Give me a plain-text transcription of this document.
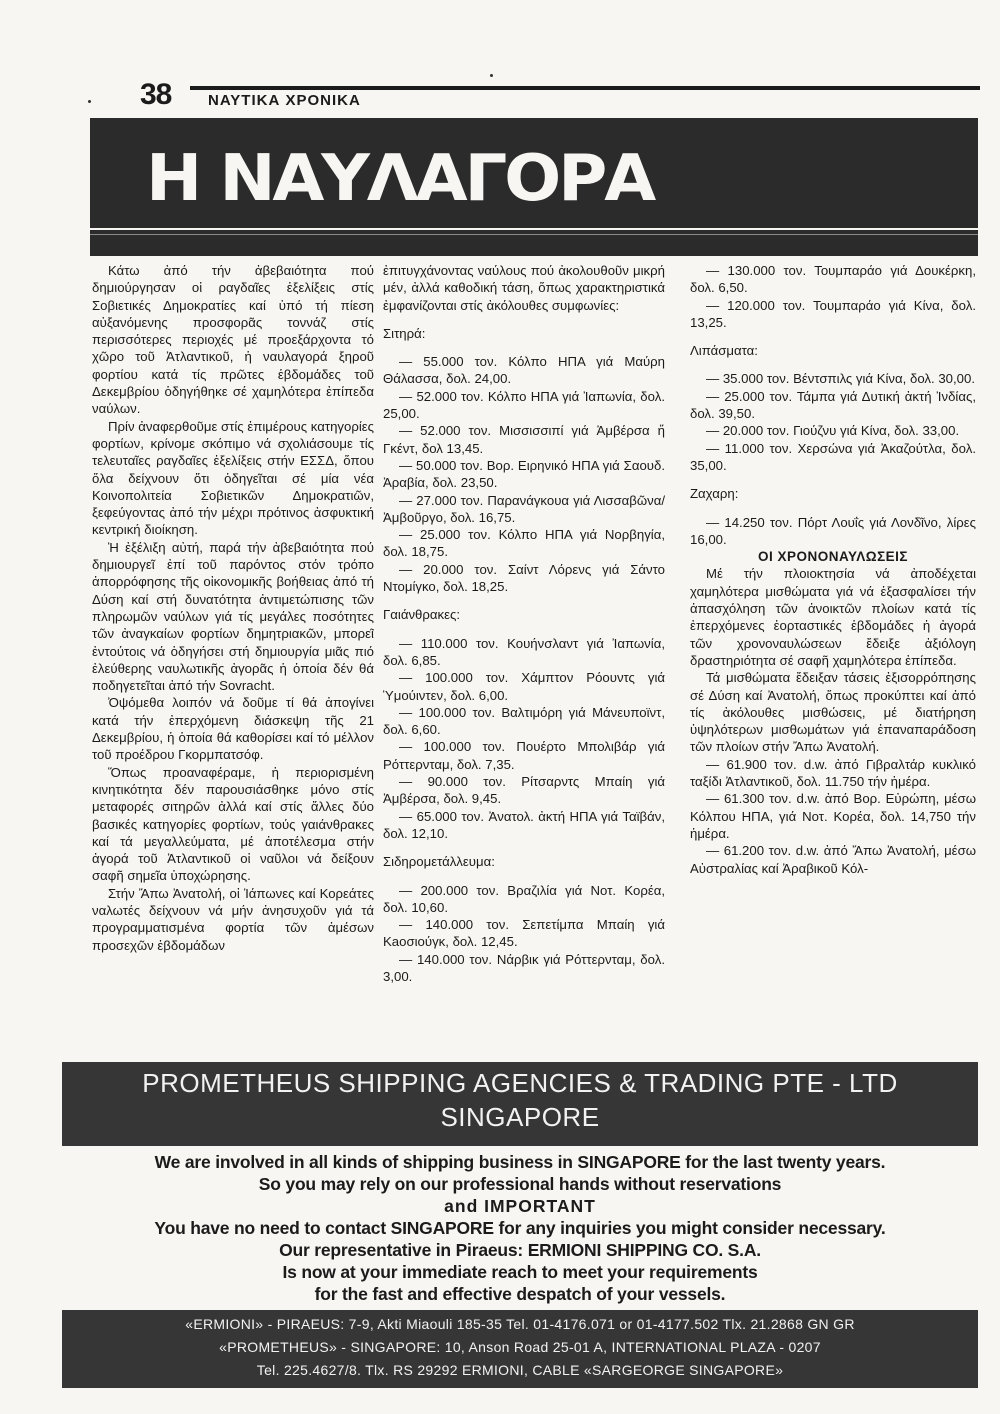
38 ΝΑΥΤΙΚΑ ΧΡΟΝΙΚΑ
Η ΝΑΥΛΑΓΟΡΑ

Κάτω ἀπό τήν ἀβεβαιότητα πού δημιούργησαν οἱ ραγδαῖες ἐξελίξεις στίς Σοβιετικές Δημοκρατίες καί ὑπό τή πίεση αὐξανόμενης προσφορᾶς τοννάζ στίς περισσότερες περιοχές μέ προεξάρχοντα τό χῶρο τοῦ Ἀτλαντικοῦ, ἡ ναυλαγορά ξηροῦ φορτίου κατά τίς πρῶτες ἑβδομάδες τοῦ Δεκεμβρίου ὁδηγήθηκε σέ χαμηλότερα ἐπίπεδα ναύλων.

Πρίν ἀναφερθοῦμε στίς ἐπιμέρους κατηγορίες φορτίων, κρίνομε σκόπιμο νά σχολιάσουμε τίς τελευταῖες ραγδαῖες ἐξελίξεις στήν ΕΣΣΔ, ὅπου ὅλα δείχνουν ὅτι ὁδηγεῖται σέ μία νέα Κοινοπολιτεία Σοβιετικῶν Δημοκρατιῶν, ξεφεύγοντας ἀπό τήν μέχρι πρότινος ἀσφυκτική κεντρική διοίκηση.

Ἡ ἐξέλιξη αὐτή, παρά τήν ἀβεβαιότητα πού δημιουργεῖ ἐπί τοῦ παρόντος στόν τρόπο ἀπορρόφησης τῆς οἰκονομικῆς βοήθειας ἀπό τή Δύση καί στή δυνατότητα ἀντιμετώπισης τῶν πληρωμῶν ναύλων γιά τίς μεγάλες ποσότητες τῶν ἀναγκαίων φορτίων δημητριακῶν, μπορεῖ ἐντούτοις νά ὁδηγήσει στή δημιουργία μιᾶς πιό ἐλεύθερης ναυλωτικῆς ἀγορᾶς ἡ ὁποία δέν θά ποδηγετεῖται ἀπό τήν Sovracht.

Ὀψόμεθα λοιπόν νά δοῦμε τί θά ἀπογίνει κατά τήν ἐπερχόμενη διάσκεψη τῆς 21 Δεκεμβρίου, ἡ ὁποία θά καθορίσει καί τό μέλλον τοῦ προέδρου Γκορμπατσόφ.

Ὅπως προαναφέραμε, ἡ περιορισμένη κινητικότητα δέν παρουσιάσθηκε μόνο στίς μεταφορές σιτηρῶν ἀλλά καί στίς ἄλλες δύο βασικές κατηγορίες φορτίων, τούς γαιάνθρακες καί τά μεγαλλεύματα, μέ ἀποτέλεσμα στήν ἀγορά τοῦ Ἀτλαντικοῦ οἱ ναῦλοι νά δείξουν σαφῆ σημεῖα ὑποχώρησης.

Στήν Ἄπω Ἀνατολή, οἱ Ἰάπωνες καί Κορεάτες ναλωτές δείχνουν νά μήν ἀνησυχοῦν γιά τά προγραμματισμένα φορτία τῶν ἀμέσων προσεχῶν ἑβδομάδων

ἐπιτυγχάνοντας ναύλους πού ἀκολουθοῦν μικρή μέν, ἀλλά καθοδική τάση, ὅπως χαρακτηριστικά ἐμφανίζονται στίς ἀκόλουθες συμφωνίες:

Σιτηρά:

— 55.000 τον. Κόλπο ΗΠΑ γιά Μαύρη Θάλασσα, δολ. 24,00.

— 52.000 τον. Κόλπο ΗΠΑ γιά Ἰαπωνία, δολ. 25,00.

— 52.000 τον. Μισσισσιπί γιά Ἀμβέρσα ἤ Γκέντ, δολ 13,45.

— 50.000 τον. Βορ. Ειρηνικό ΗΠΑ γιά Σαουδ. Ἀραβία, δολ. 23,50.

— 27.000 τον. Παρανάγκουα γιά Λισσαβῶνα/ Ἀμβοῦργο, δολ. 16,75.

— 25.000 τον. Κόλπο ΗΠΑ γιά Νορβηγία, δολ. 18,75.

— 20.000 τον. Σαίντ Λόρενς γιά Σάντο Ντομίγκο, δολ. 18,25.

Γαιάνθρακες:

— 110.000 τον. Κουήνσλαντ γιά Ἰαπωνία, δολ. 6,85.

— 100.000 τον. Χάμπτον Ρόουντς γιά Ὑμούιντεν, δολ. 6,00.

— 100.000 τον. Βαλτιμόρη γιά Μάνευποϊντ, δολ. 6,60.

— 100.000 τον. Πουέρτο Μπολιβάρ γιά Ρόττερνταμ, δολ. 7,35.

— 90.000 τον. Ρίτσαρντς Μπαίη γιά Ἀμβέρσα, δολ. 9,45.

— 65.000 τον. Ἀνατολ. ἀκτή ΗΠΑ γιά Ταϊβάν, δολ. 12,10.

Σιδηρομετάλλευμα:

— 200.000 τον. Βραζιλία γιά Νοτ. Κορέα, δολ. 10,60.

— 140.000 τον. Σεπετίμπα Μπαίη γιά Κaοσιούγκ, δολ. 12,45.

— 140.000 τον. Νάρβικ γιά Ρόττερνταμ, δολ. 3,00.

— 130.000 τον. Τουμπαράο γιά Δουκέρκη, δολ. 6,50.

— 120.000 τον. Τουμπαράο γιά Κίνα, δολ. 13,25.

Λιπάσματα:

— 35.000 τον. Βέντσπιλς γιά Κίνα, δολ. 30,00.

— 25.000 τον. Τάμπα γιά Δυτική ἀκτή Ἰνδίας, δολ. 39,50.

— 20.000 τον. Γιούζνυ γιά Κίνα, δολ. 33,00.

— 11.000 τον. Χερσώνα γιά Ἀκαζούτλα, δολ. 35,00.

Ζαχαρη:

— 14.250 τον. Πόρτ Λουΐς γιά Λονδῖνο, λίρες 16,00.

ΟΙ ΧΡΟΝΟΝΑΥΛΩΣΕΙΣ

Μέ τήν πλοιοκτησία νά ἀποδέχεται χαμηλότερα μισθώματα γιά νά ἐξασφαλίσει τήν ἀπασχόληση τῶν ἀνοικτῶν πλοίων κατά τίς ἐπερχόμενες ἑορταστικές ἑβδομάδες ἡ ἀγορά τῶν χρονοναυλώσεων ἔδειξε ἀξιόλογη δραστηριότητα σέ σαφῆ χαμηλότερα ἐπίπεδα.

Τά μισθώματα ἔδειξαν τάσεις ἐξισορρόπησης σέ Δύση καί Ἀνατολή, ὅπως προκύπτει καί ἀπό τίς ἀκόλουθες μισθώσεις, μέ διατήρηση ὑψηλότερων μισθωμάτων γιά ἐπαναπαράδοση τῶν πλοίων στήν Ἄπω Ἀνατολή.

— 61.900 τον. d.w. ἀπό Γιβραλτάρ κυκλικό ταξίδι Ἀτλαντικοῦ, δολ. 11.750 τήν ἡμέρα.

— 61.300 τον. d.w. ἀπό Βορ. Εὐρώπη, μέσω Κόλπου ΗΠΑ, γιά Νοτ. Κορέα, δολ. 14,750 τήν ἡμέρα.

— 61.200 τον. d.w. ἀπό Ἄπω Ἀνατολή, μέσω Αὐστραλίας καί Ἀραβικοῦ Κόλ-

PROMETHEUS SHIPPING AGENCIES & TRADING PTE - LTD
SINGAPORE
We are involved in all kinds of shipping business in SINGAPORE for the last twenty years.
So you may rely on our professional hands without reservations
and IMPORTANT
You have no need to contact SINGAPORE for any inquiries you might consider necessary.
Our representative in Piraeus: ERMIONI SHIPPING CO. S.A.
Is now at your immediate reach to meet your requirements
for the fast and effective despatch of your vessels.
«ERMIONI» - PIRAEUS: 7-9, Akti Miaouli 185-35 Tel. 01-4176.071 or 01-4177.502 Tlx. 21.2868 GN GR
«PROMETHEUS» - SINGAPORE: 10, Anson Road 25-01 A, INTERNATIONAL PLAZA - 0207
Tel. 225.4627/8. Tlx. RS 29292 ERMIONI, CABLE «SARGEORGE SINGAPORE»
